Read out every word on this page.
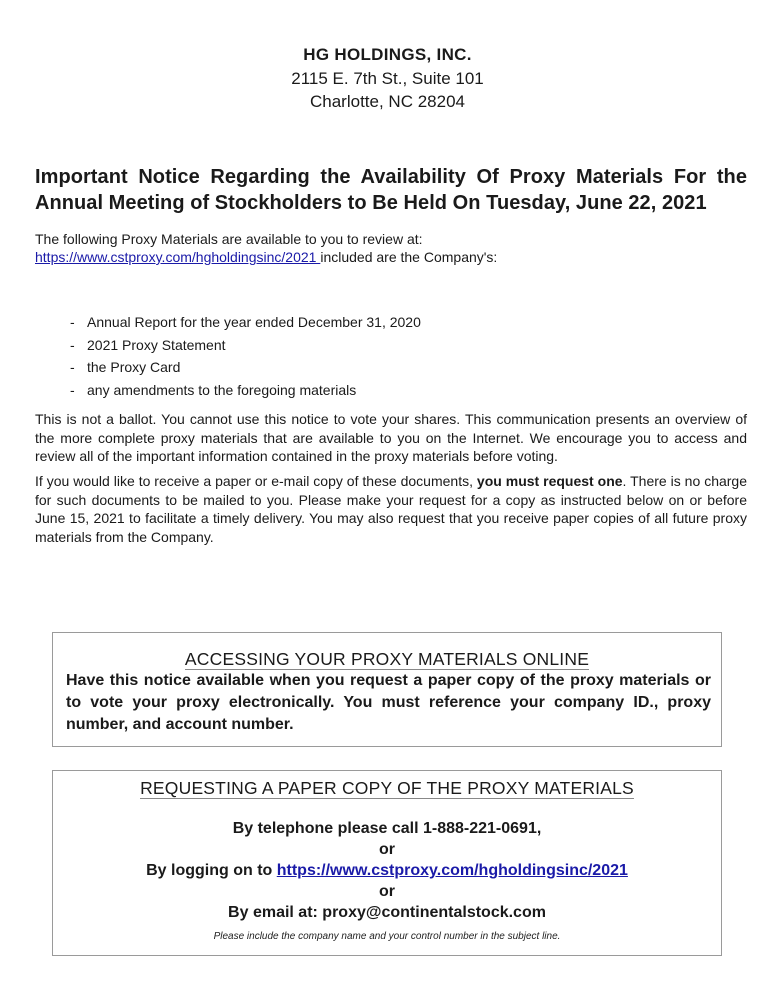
HG HOLDINGS, INC.
2115 E. 7th St., Suite 101
Charlotte, NC 28204
Important Notice Regarding the Availability Of Proxy Materials For the Annual Meeting of Stockholders to Be Held On Tuesday, June 22, 2021
The following Proxy Materials are available to you to review at:
https://www.cstproxy.com/hgholdingsinc/2021 included are the Company's:
- Annual Report for the year ended December 31, 2020
- 2021 Proxy Statement
- the Proxy Card
- any amendments to the foregoing materials
This is not a ballot. You cannot use this notice to vote your shares. This communication presents an overview of the more complete proxy materials that are available to you on the Internet. We encourage you to access and review all of the important information contained in the proxy materials before voting.
If you would like to receive a paper or e-mail copy of these documents, you must request one. There is no charge for such documents to be mailed to you. Please make your request for a copy as instructed below on or before June 15, 2021 to facilitate a timely delivery. You may also request that you receive paper copies of all future proxy materials from the Company.
ACCESSING YOUR PROXY MATERIALS ONLINE
Have this notice available when you request a paper copy of the proxy materials or to vote your proxy electronically. You must reference your company ID., proxy number, and account number.
REQUESTING A PAPER COPY OF THE PROXY MATERIALS
By telephone please call 1-888-221-0691,
or
By logging on to https://www.cstproxy.com/hgholdingsinc/2021
or
By email at: proxy@continentalstock.com
Please include the company name and your control number in the subject line.
